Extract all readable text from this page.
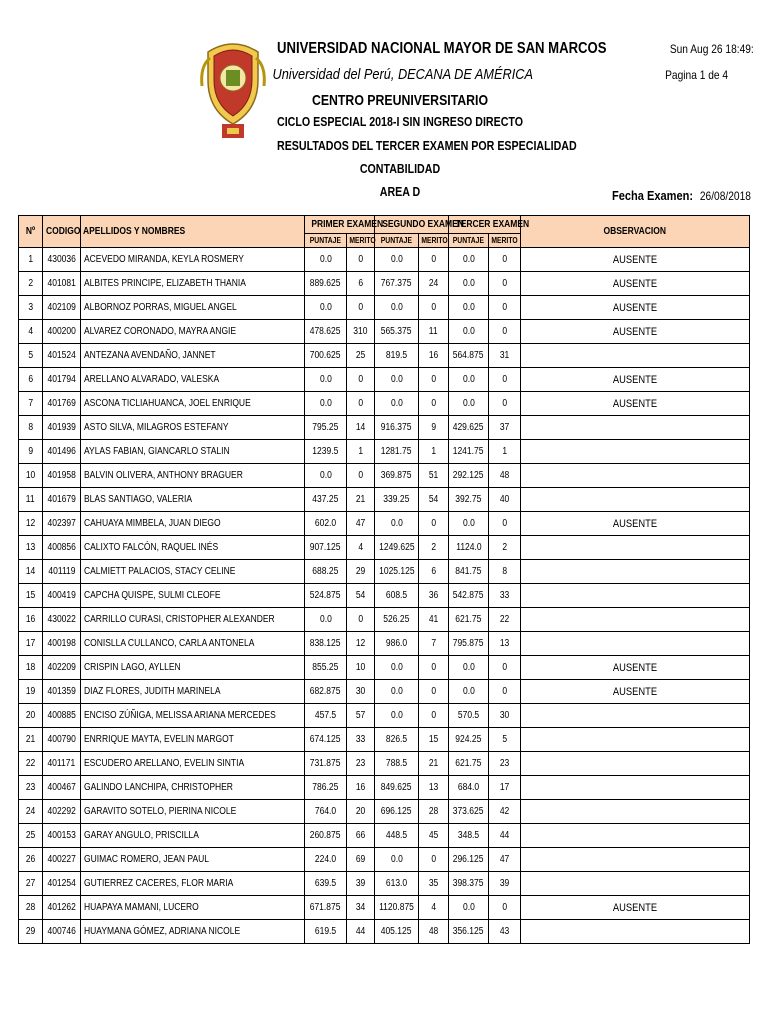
UNIVERSIDAD NACIONAL MAYOR DE SAN MARCOS
Universidad del Perú, DECANA DE AMÉRICA
CENTRO PREUNIVERSITARIO
CICLO ESPECIAL 2018-I SIN INGRESO DIRECTO
RESULTADOS DEL TERCER EXAMEN POR ESPECIALIDAD
CONTABILIDAD
AREA D
Sun Aug 26 18:49:
Pagina 1 de 4
Fecha Examen: 26/08/2018
Nº	CODIGO	APELLIDOS Y NOMBRES	PRIMER EXAMEN		SEGUNDO EXAMEN		TERCER EXAMEN		OBSERVACION
			PUNTAJE	MERITO	PUNTAJE	MERITO	PUNTAJE	MERITO	
1	430036	ACEVEDO MIRANDA, KEYLA ROSMERY	0.0	0	0.0	0	0.0	0	AUSENTE
2	401081	ALBITES PRINCIPE, ELIZABETH THANIA	889.625	6	767.375	24	0.0	0	AUSENTE
3	402109	ALBORNOZ PORRAS, MIGUEL ANGEL	0.0	0	0.0	0	0.0	0	AUSENTE
4	400200	ALVAREZ CORONADO, MAYRA ANGIE	478.625	310	565.375	11	0.0	0	AUSENTE
5	401524	ANTEZANA AVENDAÑO, JANNET	700.625	25	819.5	16	564.875	31	
6	401794	ARELLANO ALVARADO, VALESKA	0.0	0	0.0	0	0.0	0	AUSENTE
7	401769	ASCONA TICLIAHUANCA, JOEL ENRIQUE	0.0	0	0.0	0	0.0	0	AUSENTE
8	401939	ASTO SILVA, MILAGROS ESTEFANY	795.25	14	916.375	9	429.625	37	
9	401496	AYLAS FABIAN, GIANCARLO STALIN	1239.5	1	1281.75	1	1241.75	1	
10	401958	BALVIN OLIVERA, ANTHONY BRAGUER	0.0	0	369.875	51	292.125	48	
11	401679	BLAS SANTIAGO, VALERIA	437.25	21	339.25	54	392.75	40	
12	402397	CAHUAYA MIMBELA, JUAN DIEGO	602.0	47	0.0	0	0.0	0	AUSENTE
13	400856	CALIXTO FALCÓN, RAQUEL INÉS	907.125	4	1249.625	2	1124.0	2	
14	401119	CALMIETT PALACIOS, STACY CELINE	688.25	29	1025.125	6	841.75	8	
15	400419	CAPCHA QUISPE, SULMI CLEOFE	524.875	54	608.5	36	542.875	33	
16	430022	CARRILLO CURASI, CRISTOPHER ALEXANDER	0.0	0	526.25	41	621.75	22	
17	400198	CONISLLA CULLANCO, CARLA ANTONELA	838.125	12	986.0	7	795.875	13	
18	402209	CRISPIN LAGO, AYLLEN	855.25	10	0.0	0	0.0	0	AUSENTE
19	401359	DIAZ FLORES, JUDITH MARINELA	682.875	30	0.0	0	0.0	0	AUSENTE
20	400885	ENCISO ZÚÑIGA, MELISSA ARIANA MERCEDES	457.5	57	0.0	0	570.5	30	
21	400790	ENRRIQUE MAYTA, EVELIN MARGOT	674.125	33	826.5	15	924.25	5	
22	401171	ESCUDERO ARELLANO, EVELIN SINTIA	731.875	23	788.5	21	621.75	23	
23	400467	GALINDO LANCHIPA, CHRISTOPHER	786.25	16	849.625	13	684.0	17	
24	402292	GARAVITO SOTELO, PIERINA NICOLE	764.0	20	696.125	28	373.625	42	
25	400153	GARAY ANGULO, PRISCILLA	260.875	66	448.5	45	348.5	44	
26	400227	GUIMAC ROMERO, JEAN PAUL	224.0	69	0.0	0	296.125	47	
27	401254	GUTIERREZ CACERES, FLOR MARIA	639.5	39	613.0	35	398.375	39	
28	401262	HUAPAYA MAMANI, LUCERO	671.875	34	1120.875	4	0.0	0	AUSENTE
29	400746	HUAYMANA GÓMEZ, ADRIANA NICOLE	619.5	44	405.125	48	356.125	43	
